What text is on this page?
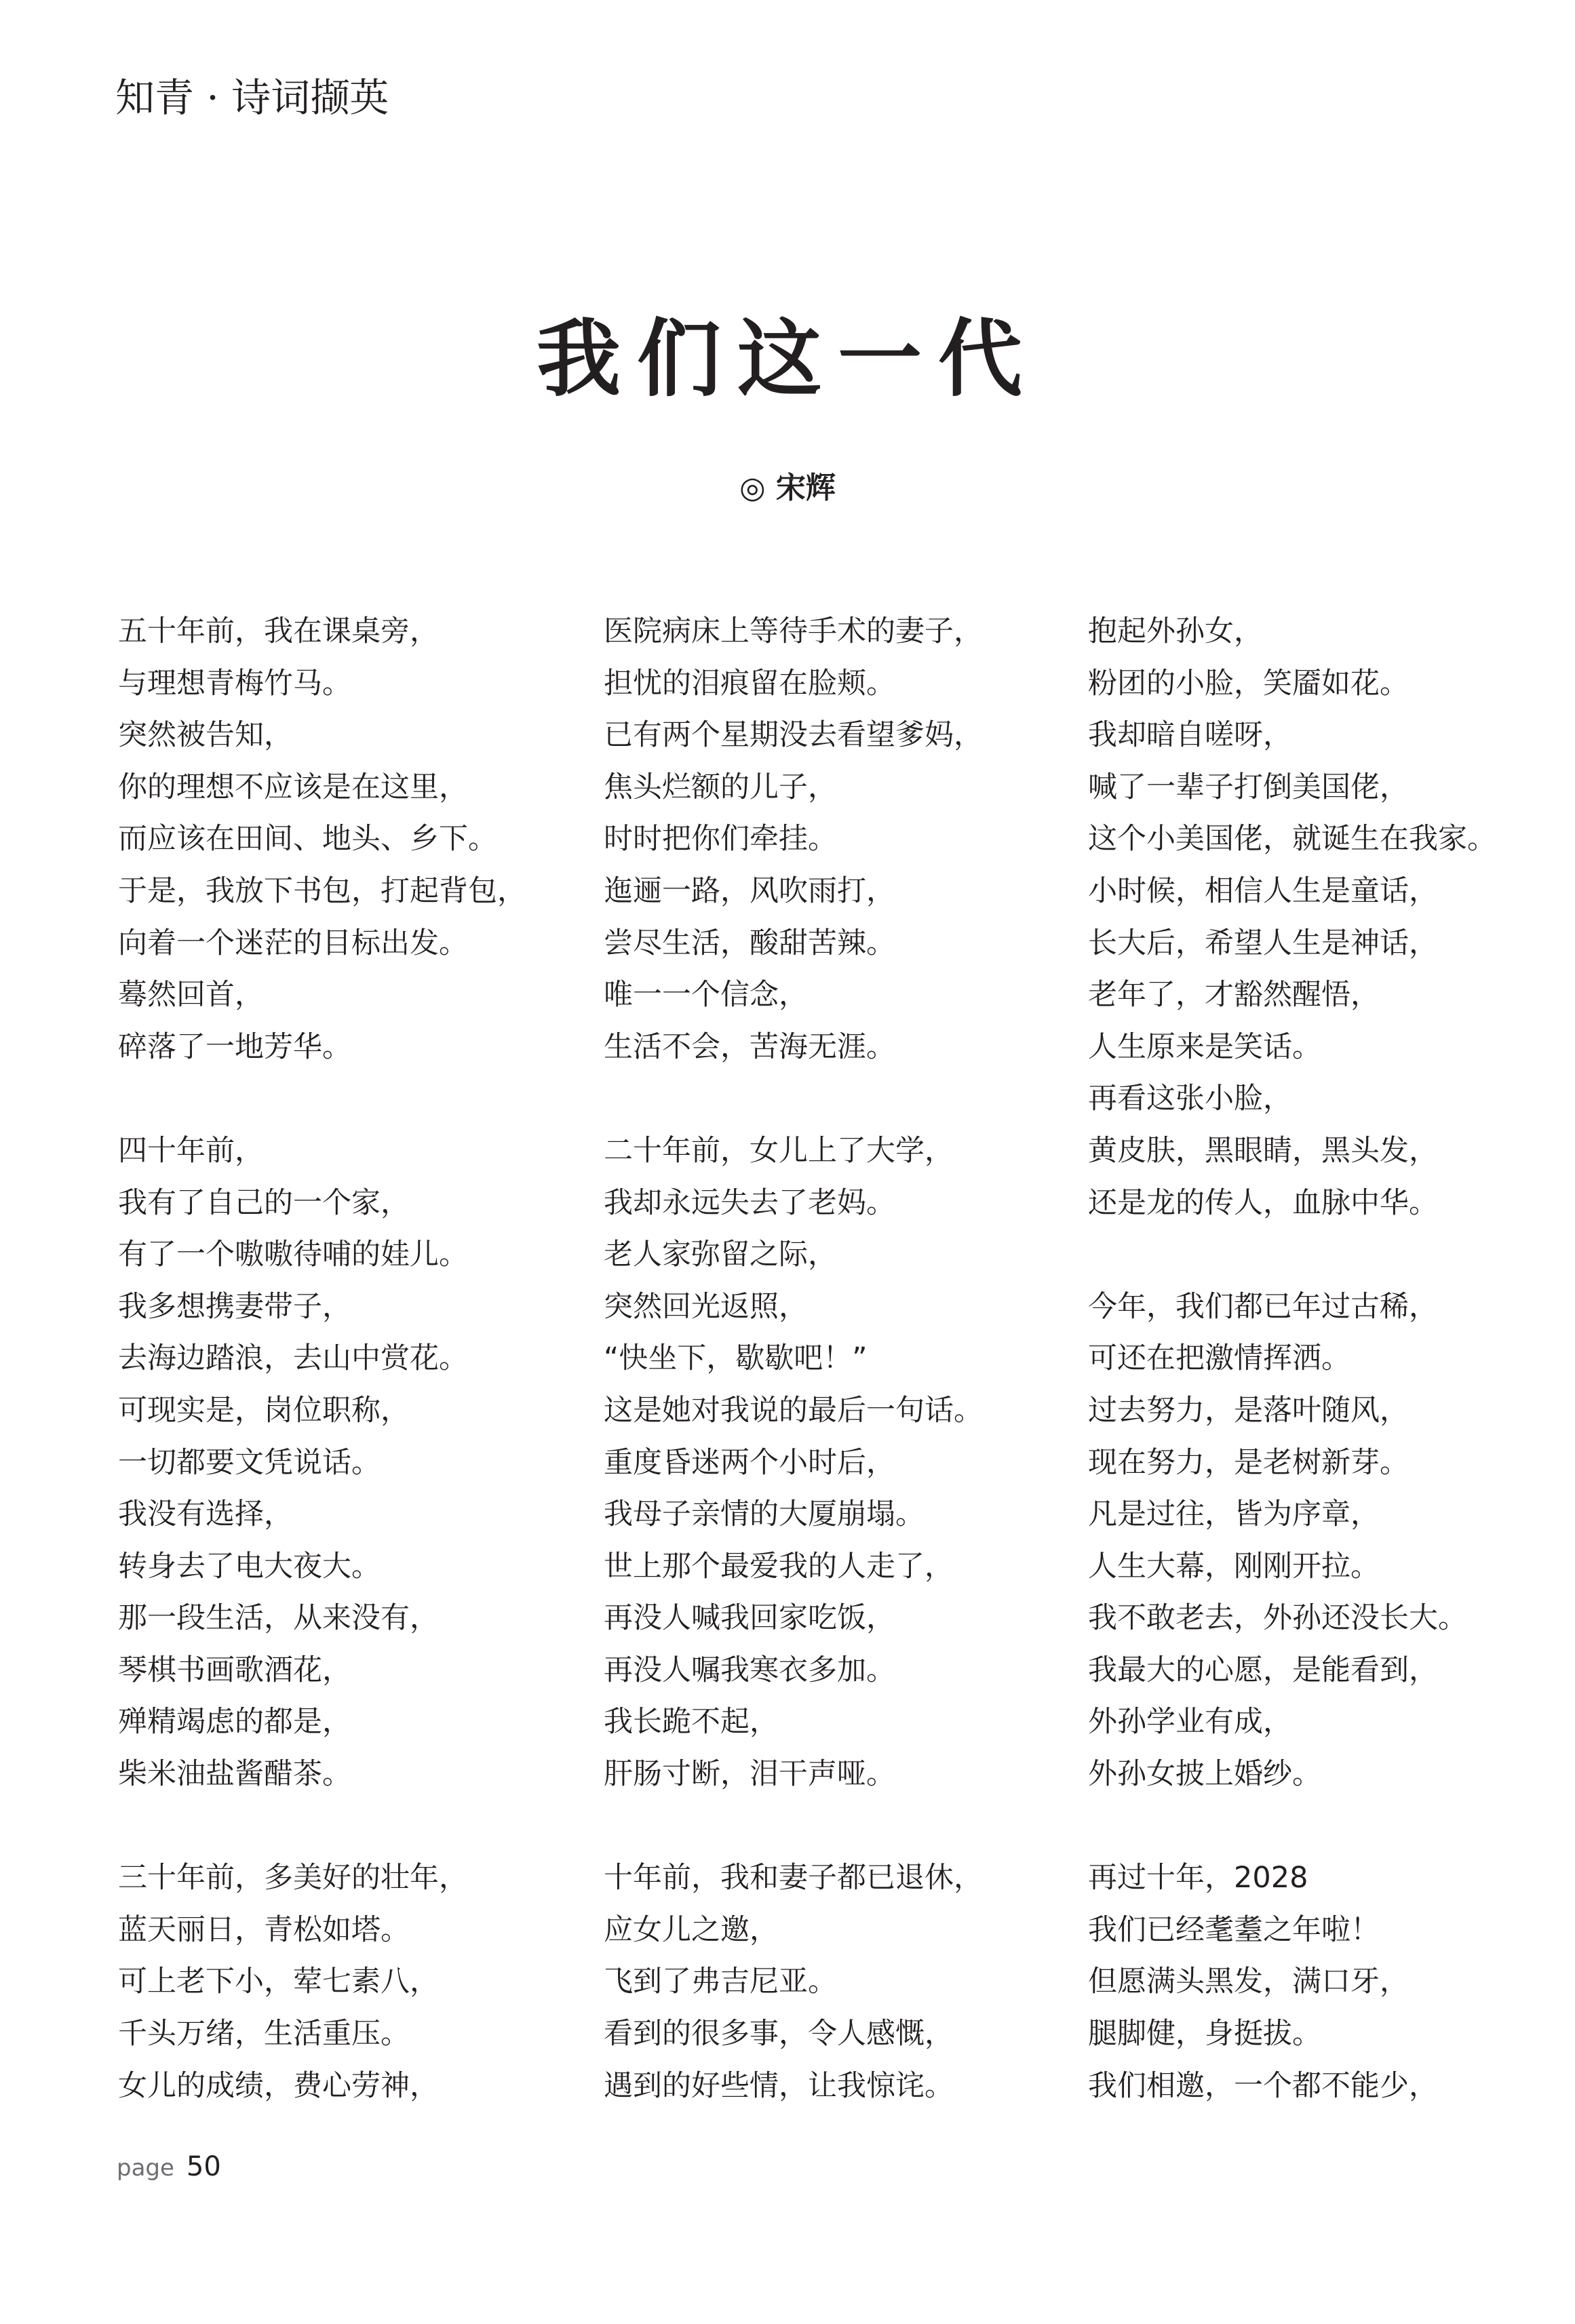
知青 · 诗词撷英
我们这一代
◎ 宋辉
五十年前，我在课桌旁，
与理想青梅竹马。
突然被告知，
你的理想不应该是在这里，
而应该在田间、地头、乡下。
于是，我放下书包，打起背包，
向着一个迷茫的目标出发。
蓦然回首，
碎落了一地芳华。
四十年前，
我有了自己的一个家，
有了一个嗷嗷待哺的娃儿。
我多想携妻带子，
去海边踏浪，去山中赏花。
可现实是，岗位职称，
一切都要文凭说话。
我没有选择，
转身去了电大夜大。
那一段生活，从来没有，
琴棋书画歌酒花，
殚精竭虑的都是，
柴米油盐酱醋茶。
三十年前，多美好的壮年，
蓝天丽日，青松如塔。
可上老下小，荤七素八，
千头万绪，生活重压。
女儿的成绩，费心劳神，
医院病床上等待手术的妻子，
担忧的泪痕留在脸颊。
已有两个星期没去看望爹妈，
焦头烂额的儿子，
时时把你们牵挂。
迤逦一路，风吹雨打，
尝尽生活，酸甜苦辣。
唯一一个信念，
生活不会，苦海无涯。
二十年前，女儿上了大学，
我却永远失去了老妈。
老人家弥留之际，
突然回光返照，
“快坐下，歇歇吧！”
这是她对我说的最后一句话。
重度昏迷两个小时后，
我母子亲情的大厦崩塌。
世上那个最爱我的人走了，
再没人喊我回家吃饭，
再没人嘱我寒衣多加。
我长跪不起，
肝肠寸断，泪干声哑。
十年前，我和妻子都已退休，
应女儿之邀，
飞到了弗吉尼亚。
看到的很多事，令人感慨，
遇到的好些情，让我惊诧。
抱起外孙女，
粉团的小脸，笑靥如花。
我却暗自嗟呀，
喊了一辈子打倒美国佬，
这个小美国佬，就诞生在我家。
小时候，相信人生是童话，
长大后，希望人生是神话，
老年了，才豁然醒悟，
人生原来是笑话。
再看这张小脸，
黄皮肤，黑眼睛，黑头发，
还是龙的传人，血脉中华。
今年，我们都已年过古稀，
可还在把激情挥洒。
过去努力，是落叶随风，
现在努力，是老树新芽。
凡是过往，皆为序章，
人生大幕，刚刚开拉。
我不敢老去，外孙还没长大。
我最大的心愿，是能看到，
外孙学业有成，
外孙女披上婚纱。
再过十年，2028
我们已经耄耋之年啦！
但愿满头黑发，满口牙，
腿脚健，身挺拔。
我们相邀，一个都不能少，
page 50
